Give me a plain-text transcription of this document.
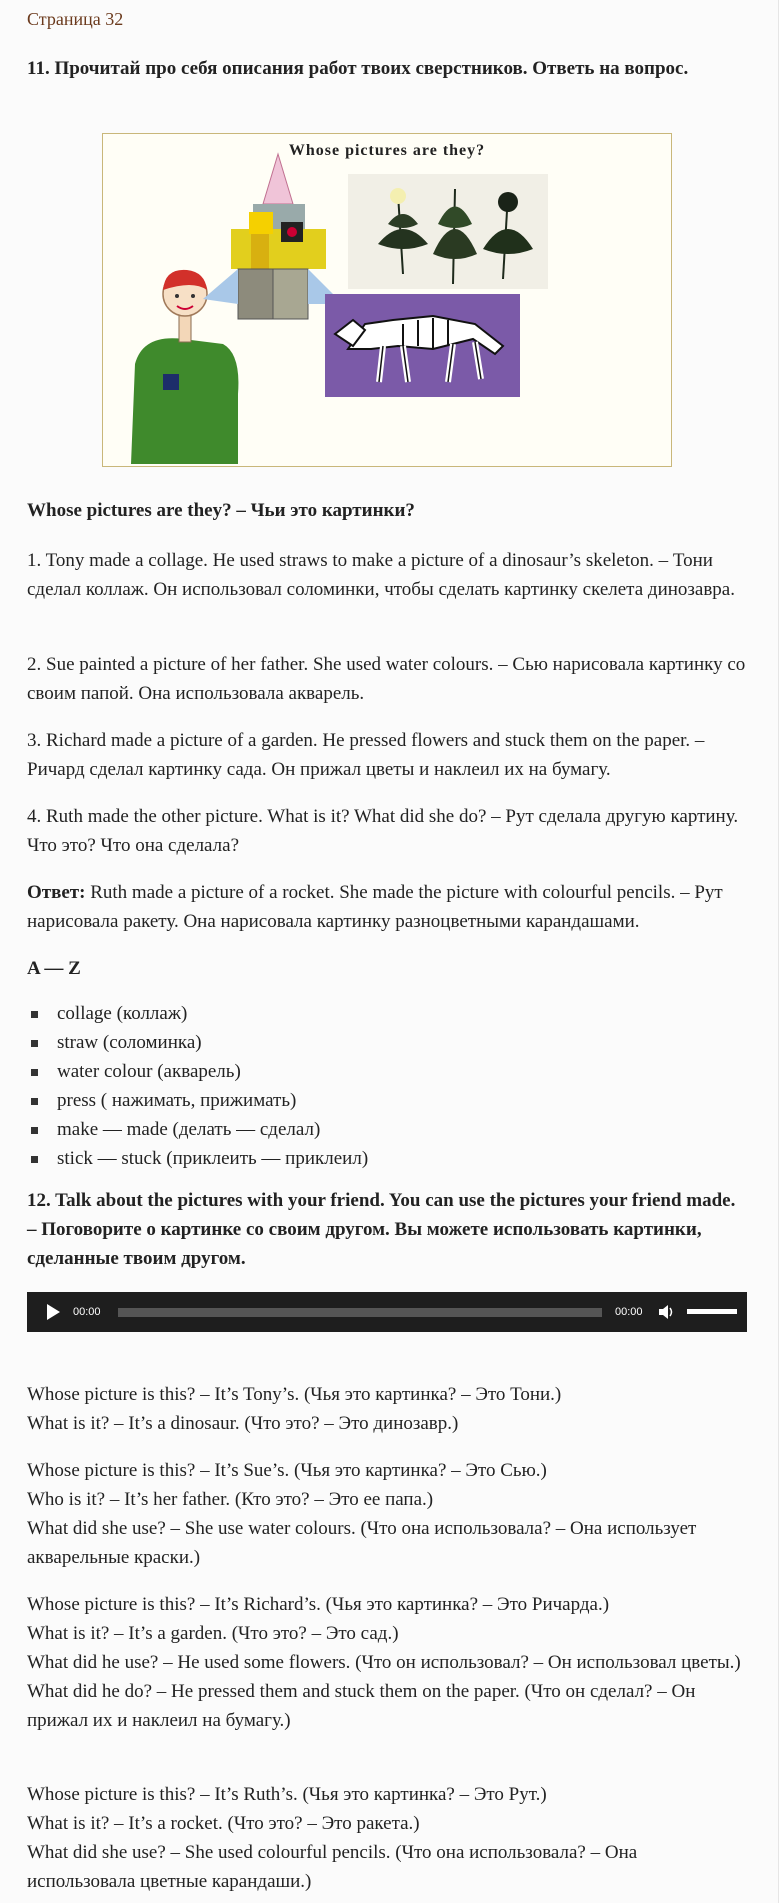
Страница 32

11. Прочитай про себя описания работ твоих сверстников. Ответь на вопрос.

Whose pictures are they?

Whose pictures are they? – Чьи это картинки?

1. Tony made a collage. He used straws to make a picture of a dinosaur’s skeleton. – Тони сделал коллаж. Он использовал соломинки, чтобы сделать картинку скелета динозавра.

2. Sue painted a picture of her father. She used water colours. – Сью нарисовала картинку со своим папой. Она использовала акварель.

3. Richard made a picture of a garden. He pressed flowers and stuck them on the paper. – Ричард сделал картинку сада. Он прижал цветы и наклеил их на бумагу.

4. Ruth made the other picture. What is it? What did she do? – Рут сделала другую картину. Что это? Что она сделала?

Ответ: Ruth made a picture of a rocket. She made the picture with colourful pencils. – Рут нарисовала ракету. Она нарисовала картинку разноцветными карандашами.

A — Z

collage (коллаж)
straw (соломинка)
water colour (акварель)
press ( нажимать, прижимать)
make — made (делать — сделал)
stick — stuck (приклеить — приклеил)

12. Talk about the pictures with your friend. You can use the pictures your friend made. – Поговорите о картинке со своим другом. Вы можете использовать картинки, сделанные твоим другом.

00:00	00:00

Whose picture is this? – It’s Tony’s. (Чья это картинка? – Это Тони.)

What is it? – It’s a dinosaur. (Что это? – Это динозавр.)

Whose picture is this? – It’s Sue’s. (Чья это картинка? – Это Сью.)

Who is it? – It’s her father. (Кто это? – Это ее папа.)

What did she use? – She use water colours. (Что она использовала? – Она использует акварельные краски.)

Whose picture is this? – It’s Richard’s. (Чья это картинка? – Это Ричарда.)

What is it? – It’s a garden. (Что это? – Это сад.)

What did he use? – He used some flowers. (Что он использовал? – Он использовал цветы.)

What did he do? – He pressed them and stuck them on the paper. (Что он сделал? – Он прижал их и наклеил на бумагу.)

Whose picture is this? – It’s Ruth’s. (Чья это картинка? – Это Рут.)

What is it? – It’s a rocket. (Что это? – Это ракета.)

What did she use? – She used colourful pencils. (Что она использовала? – Она использовала цветные карандаши.)
